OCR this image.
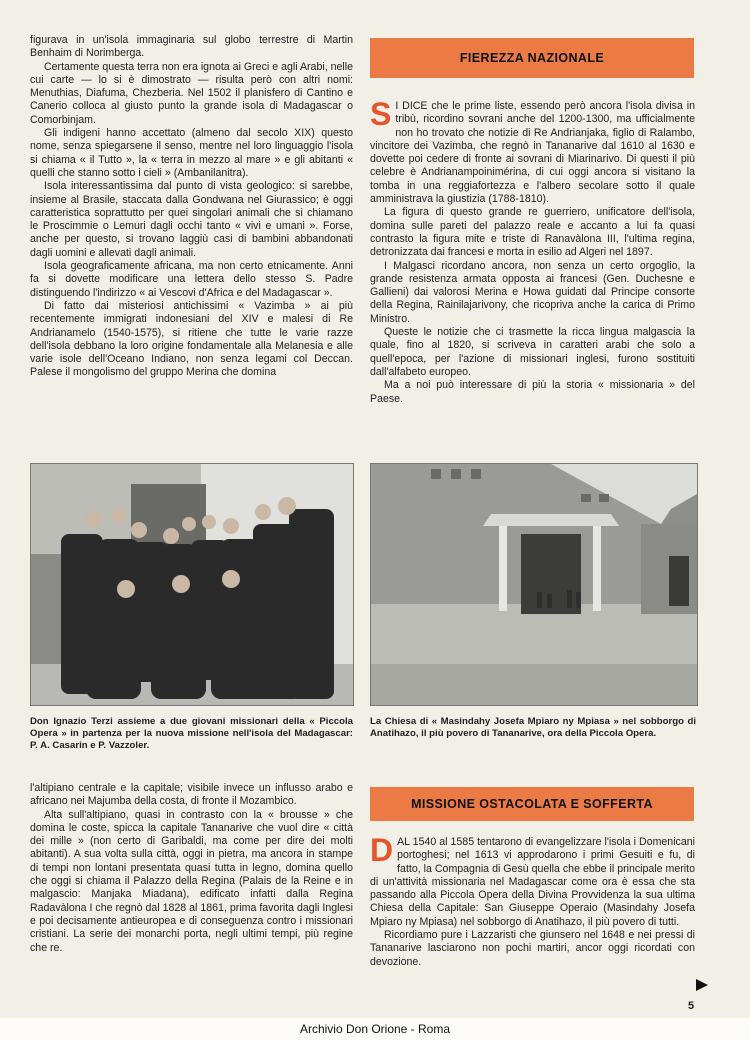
figurava in un'isola immaginaria sul globo terrestre di Martin Benhaim di Norimberga.

Certamente questa terra non era ignota ai Greci e agli Arabi, nelle cui carte — lo si è dimostrato — risulta però con altri nomi: Menuthias, Diafuma, Chezberia. Nel 1502 il planisfero di Cantino e Canerio colloca al giusto punto la grande isola di Madagascar o Comorbinjam.

Gli indigeni hanno accettato (almeno dal secolo XIX) questo nome, senza spiegarsene il senso, mentre nel loro linguaggio l'isola si chiama « il Tutto », la « terra in mezzo al mare » e gli abitanti « quelli che stanno sotto i cieli » (Ambanilanitra).

Isola interessantissima dal punto di vista geologico: si sarebbe, insieme al Brasile, staccata dalla Gondwana nel Giurassico; è oggi caratteristica soprattutto per quei singolari animali che si chiamano le Proscimmie o Lemuri dagli occhi tanto « vivi e umani ». Forse, anche per questo, si trovano laggiù casi di bambini abbandonati dagli uomini e allevati dagli animali.

Isola geograficamente africana, ma non certo etnicamente. Anni fa si dovette modificare una lettera dello stesso S. Padre distinguendo l'indirizzo « ai Vescovi d'Africa e del Madagascar ».

Di fatto dai misteriosi antichissimi « Vazimba » ai più recentemente immigrati indonesiani del XIV e malesi di Re Andrianamelo (1540-1575), si ritiene che tutte le varie razze dell'isola debbano la loro origine fondamentale alla Melanesia e alle varie isole dell'Oceano Indiano, non senza legami col Deccan. Palese il mongolismo del gruppo Merina che domina

FIEREZZA NAZIONALE

S I DICE che le prime liste, essendo però ancora l'isola divisa in tribù, ricordino sovrani anche del 1200-1300, ma ufficialmente non ho trovato che notizie di Re Andrianjaka, figlio di Ralambo, vincitore dei Vazimba, che regnò in Tananarive dal 1610 al 1630 e dovette poi cedere di fronte ai sovrani di Miarinarivo. Di questi il più celebre è Andrianampoinimérina, di cui oggi ancora si visitano la tomba in una reggiafortezza e l'albero secolare sotto il quale amministrava la giustizia (1788-1810).

La figura di questo grande re guerriero, unificatore dell'isola, domina sulle pareti del palazzo reale e accanto a lui fa quasi contrasto la figura mite e triste di Ranavàlona III, l'ultima regina, detronizzata dai francesi e morta in esilio ad Algeri nel 1897.

I Malgasci ricordano ancora, non senza un certo orgoglio, la grande resistenza armata opposta ai francesi (Gen. Duchesne e Gallieni) dai valorosi Merina e Howa guidati dal Principe consorte della Regina, Rainilajarivony, che ricopriva anche la carica di Primo Ministro.

Queste le notizie che ci trasmette la ricca lingua malgascia la quale, fino al 1820, si scriveva in caratteri arabi che solo a quell'epoca, per l'azione di missionari inglesi, furono sostituiti dall'alfabeto europeo.

Ma a noi può interessare di più la storia « missionaria » del Paese.

Don Ignazio Terzi assieme a due giovani missionari della « Piccola Opera » in partenza per la nuova missione nell'isola del Madagascar: P. A. Casarin e P. Vazzoler.
La Chiesa di « Masindahy Josefa Mpiaro ny Mpiasa » nel sobborgo di Anatihazo, il più povero di Tananarive, ora della Piccola Opera.

l'altipiano centrale e la capitale; visibile invece un influsso arabo e africano nei Majumba della costa, di fronte il Mozambico.

Alta sull'altipiano, quasi in contrasto con la « brousse » che domina le coste, spicca la capitale Tananarive che vuol dire « città dei mille » (non certo di Garibaldi, ma come per dire dei molti abitanti). A sua volta sulla città, oggi in pietra, ma ancora in stampe di tempi non lontani presentata quasi tutta in legno, domina quello che oggi si chiama il Palazzo della Regina (Palais de la Reine e in malgascio: Manjaka Miadana), edificato infatti dalla Regina Radavàlona I che regnò dal 1828 al 1861, prima favorita dagli Inglesi e poi decisamente antieuropea e di conseguenza contro i missionari cristiani. La serie dei monarchi porta, negli ultimi tempi, più regine che re.

MISSIONE OSTACOLATA E SOFFERTA

DAL 1540 al 1585 tentarono di evangelizzare l'isola i Domenicani portoghesi; nel 1613 vi approdarono i primi Gesuiti e fu, di fatto, la Compagnia di Gesù quella che ebbe il principale merito di un'attività missionaria nel Madagascar come ora è essa che sta passando alla Piccola Opera della Divina Provvidenza la sua ultima Chiesa della Capitale: San Giuseppe Operaio (Masindahy Josefa Mpiaro ny Mpiasa) nel sobborgo di Anatihazo, il più povero di tutti.

Ricordiamo pure i Lazzaristi che giunsero nel 1648 e nei pressi di Tananarive lasciarono non pochi martiri, ancor oggi ricordati con devozione.

5
Archivio Don Orione - Roma
